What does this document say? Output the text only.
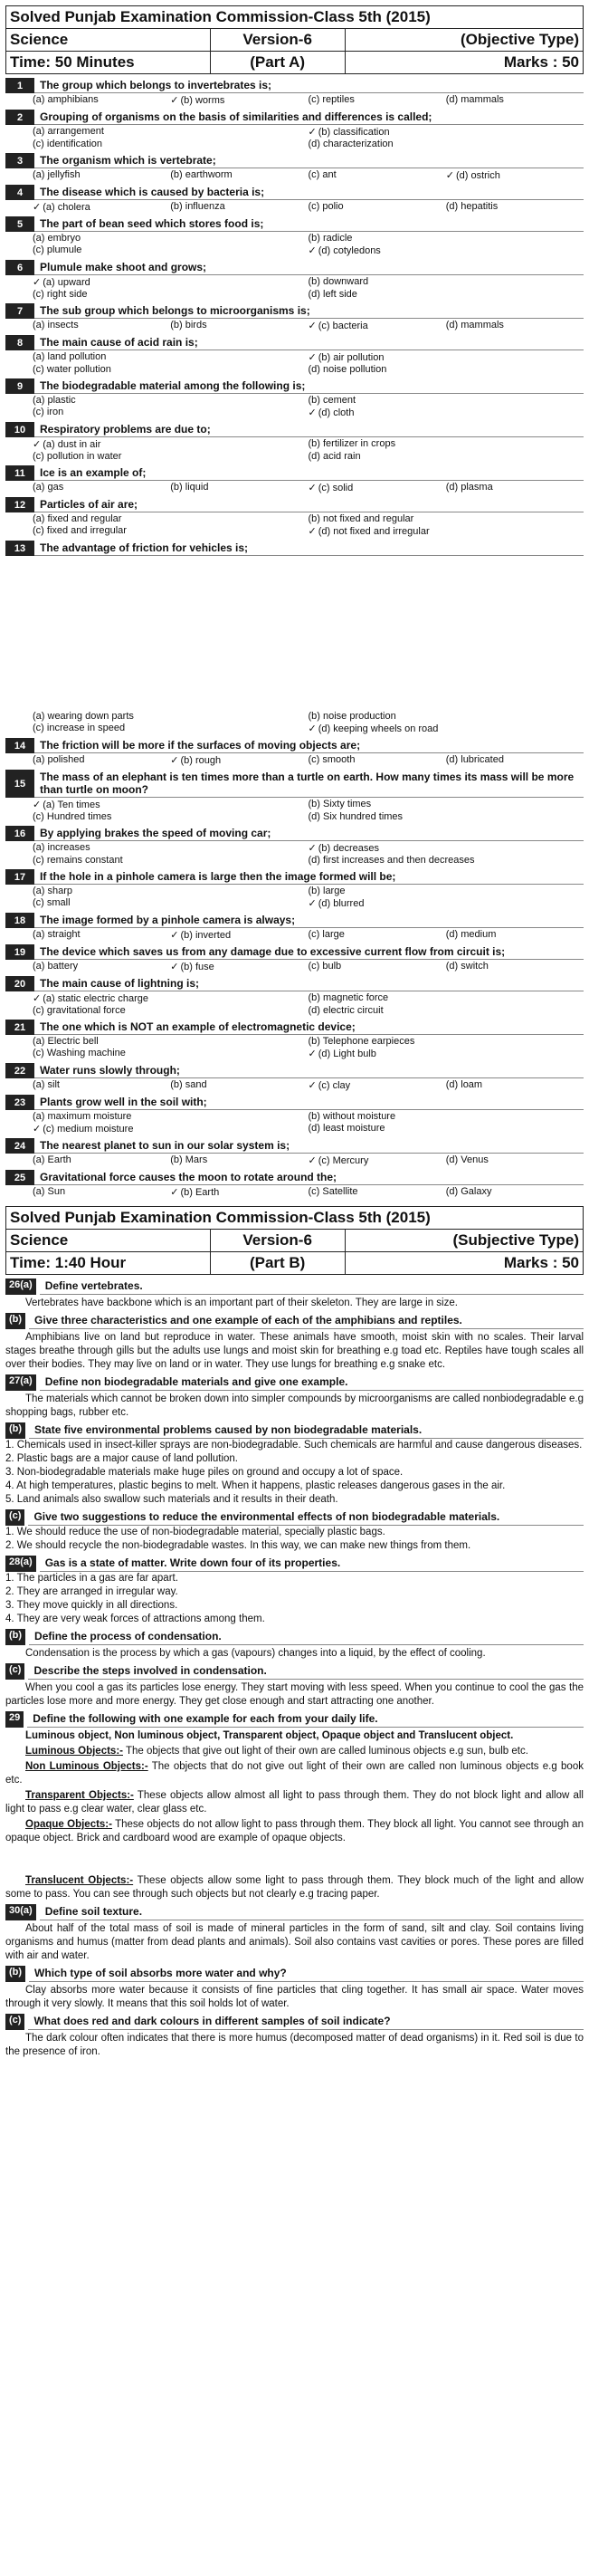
Solved Punjab Examination Commission-Class 5th (2015)
Science	Version-6	(Objective Type)
Time: 50 Minutes	(Part A)	Marks : 50
1	The group which belongs to invertebrates is;
(a) amphibians	✓ (b) worms	(c) reptiles	(d) mammals
2	Grouping of organisms on the basis of similarities and differences is called;
(a) arrangement	✓ (b) classification
(c) identification	(d) characterization
3	The organism which is vertebrate;
(a) jellyfish	(b) earthworm	(c) ant	✓ (d) ostrich
4	The disease which is caused by bacteria is;
✓ (a) cholera	(b) influenza	(c) polio	(d) hepatitis
5	The part of bean seed which stores food is;
(a) embryo	(b) radicle
(c) plumule	✓ (d) cotyledons
6	Plumule make shoot and grows;
✓ (a) upward	(b) downward
(c) right side	(d) left side
7	The sub group which belongs to microorganisms is;
(a) insects	(b) birds	✓ (c) bacteria	(d) mammals
8	The main cause of acid rain is;
(a) land pollution	✓ (b) air pollution
(c) water pollution	(d) noise pollution
9	The biodegradable material among the following is;
(a) plastic	(b) cement
(c) iron	✓ (d) cloth
10	Respiratory problems are due to;
✓ (a) dust in air	(b) fertilizer in crops
(c) pollution in water	(d) acid rain
11	Ice is an example of;
(a) gas	(b) liquid	✓ (c) solid	(d) plasma
12	Particles of air are;
(a) fixed and regular	(b) not fixed and regular
(c) fixed and irregular	✓ (d) not fixed and irregular
13	The advantage of friction for vehicles is;
(a) wearing down parts	(b) noise production
(c) increase in speed	✓ (d) keeping wheels on road
14	The friction will be more if the surfaces of moving objects are;
(a) polished	✓ (b) rough	(c) smooth	(d) lubricated
15
The mass of an elephant is ten times more than a turtle on earth. How many times its mass will be more than turtle on moon?
✓ (a) Ten times	(b) Sixty times
(c) Hundred times	(d) Six hundred times
16	By applying brakes the speed of moving car;
(a) increases	✓ (b) decreases
(c) remains constant	(d) first increases and then decreases
17	If the hole in a pinhole camera is large then the image formed will be;
(a) sharp	(b) large
(c) small	✓ (d) blurred
18	The image formed by a pinhole camera is always;
(a) straight	✓ (b) inverted	(c) large	(d) medium
19	The device which saves us from any damage due to excessive current flow from circuit is;
(a) battery	✓ (b) fuse	(c) bulb	(d) switch
20	The main cause of lightning is;
✓ (a) static electric charge	(b) magnetic force
(c) gravitational force	(d) electric circuit
21	The one which is NOT an example of electromagnetic device;
(a) Electric bell	(b) Telephone earpieces
(c) Washing machine	✓ (d) Light bulb
22	Water runs slowly through;
(a) silt	(b) sand	✓ (c) clay	(d) loam
23	Plants grow well in the soil with;
(a) maximum moisture	(b) without moisture
✓ (c) medium moisture	(d) least moisture
24	The nearest planet to sun in our solar system is;
(a) Earth	(b) Mars	✓ (c) Mercury	(d) Venus
25	Gravitational force causes the moon to rotate around the;
(a) Sun	✓ (b) Earth	(c) Satellite	(d) Galaxy
Solved Punjab Examination Commission-Class 5th (2015)
Science	Version-6	(Subjective Type)
Time: 1:40 Hour	(Part B)	Marks : 50
26(a)	Define vertebrates.

Vertebrates have backbone which is an important part of their skeleton. They are large in size.

(b)	Give three characteristics and one example of each of the amphibians and reptiles.

Amphibians live on land but reproduce in water. These animals have smooth, moist skin with no scales. Their larval stages breathe through gills but the adults use lungs and moist skin for breathing e.g toad etc. Reptiles have tough scales all over their bodies. They may live on land or in water. They use lungs for breathing e.g snake etc.

27(a)	Define non biodegradable materials and give one example.

The materials which cannot be broken down into simpler compounds by microorganisms are called nonbiodegradable e.g shopping bags, rubber etc.

(b)	State five environmental problems caused by non biodegradable materials.
1. Chemicals used in insect-killer sprays are non-biodegradable. Such chemicals are harmful and cause dangerous diseases.
2. Plastic bags are a major cause of land pollution.
3. Non-biodegradable materials make huge piles on ground and occupy a lot of space.
4. At high temperatures, plastic begins to melt. When it happens, plastic releases dangerous gases in the air.
5. Land animals also swallow such materials and it results in their death.
(c)	Give two suggestions to reduce the environmental effects of non biodegradable materials.
1. We should reduce the use of non-biodegradable material, specially plastic bags.
2. We should recycle the non-biodegradable wastes. In this way, we can make new things from them.
28(a)	Gas is a state of matter. Write down four of its properties.
1. The particles in a gas are far apart.
2. They are arranged in irregular way.
3. They move quickly in all directions.
4. They are very weak forces of attractions among them.
(b)	Define the process of condensation.

Condensation is the process by which a gas (vapours) changes into a liquid, by the effect of cooling.

(c)	Describe the steps involved in condensation.

When you cool a gas its particles lose energy. They start moving with less speed. When you continue to cool the gas the particles lose more and more energy. They get close enough and start attracting one another.

29	Define the following with one example for each from your daily life.

Luminous object, Non luminous object, Transparent object, Opaque object and Translucent object.

Luminous Objects:- The objects that give out light of their own are called luminous objects e.g sun, bulb etc.

Non Luminous Objects:- The objects that do not give out light of their own are called non luminous objects e.g book etc.

Transparent Objects:- These objects allow almost all light to pass through them. They do not block light and allow all light to pass e.g clear water, clear glass etc.

Opaque Objects:- These objects do not allow light to pass through them. They block all light. You cannot see through an opaque object. Brick and cardboard wood are example of opaque objects.

Translucent Objects:- These objects allow some light to pass through them. They block much of the light and allow some to pass. You can see through such objects but not clearly e.g tracing paper.

30(a)	Define soil texture.

About half of the total mass of soil is made of mineral particles in the form of sand, silt and clay. Soil contains living organisms and humus (matter from dead plants and animals). Soil also contains vast cavities or pores. These pores are filled with air and water.

(b)	Which type of soil absorbs more water and why?

Clay absorbs more water because it consists of fine particles that cling together. It has small air space. Water moves through it very slowly. It means that this soil holds lot of water.

(c)	What does red and dark colours in different samples of soil indicate?

The dark colour often indicates that there is more humus (decomposed matter of dead organisms) in it. Red soil is due to the presence of iron.
